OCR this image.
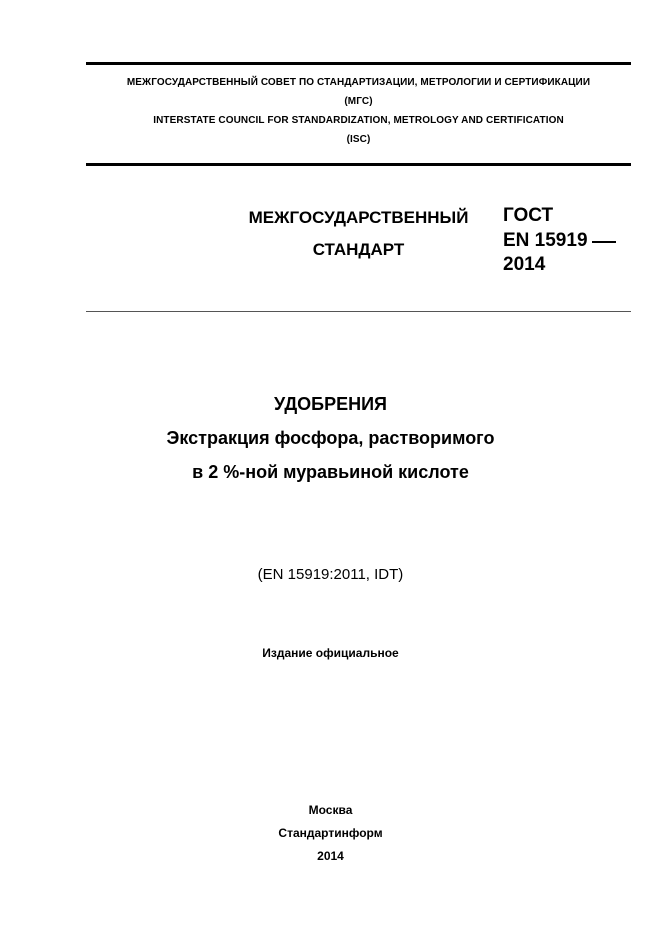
МЕЖГОСУДАРСТВЕННЫЙ СОВЕТ ПО СТАНДАРТИЗАЦИИ, МЕТРОЛОГИИ И СЕРТИФИКАЦИИ
(МГС)
INTERSTATE COUNCIL FOR STANDARDIZATION, METROLOGY AND CERTIFICATION
(ISC)
МЕЖГОСУДАРСТВЕННЫЙ
СТАНДАРТ
ГОСТ
EN 15919
2014
УДОБРЕНИЯ
Экстракция фосфора, растворимого
в 2 %-ной муравьиной кислоте
(EN 15919:2011, IDT)
Издание официальное
Москва
Стандартинформ
2014
